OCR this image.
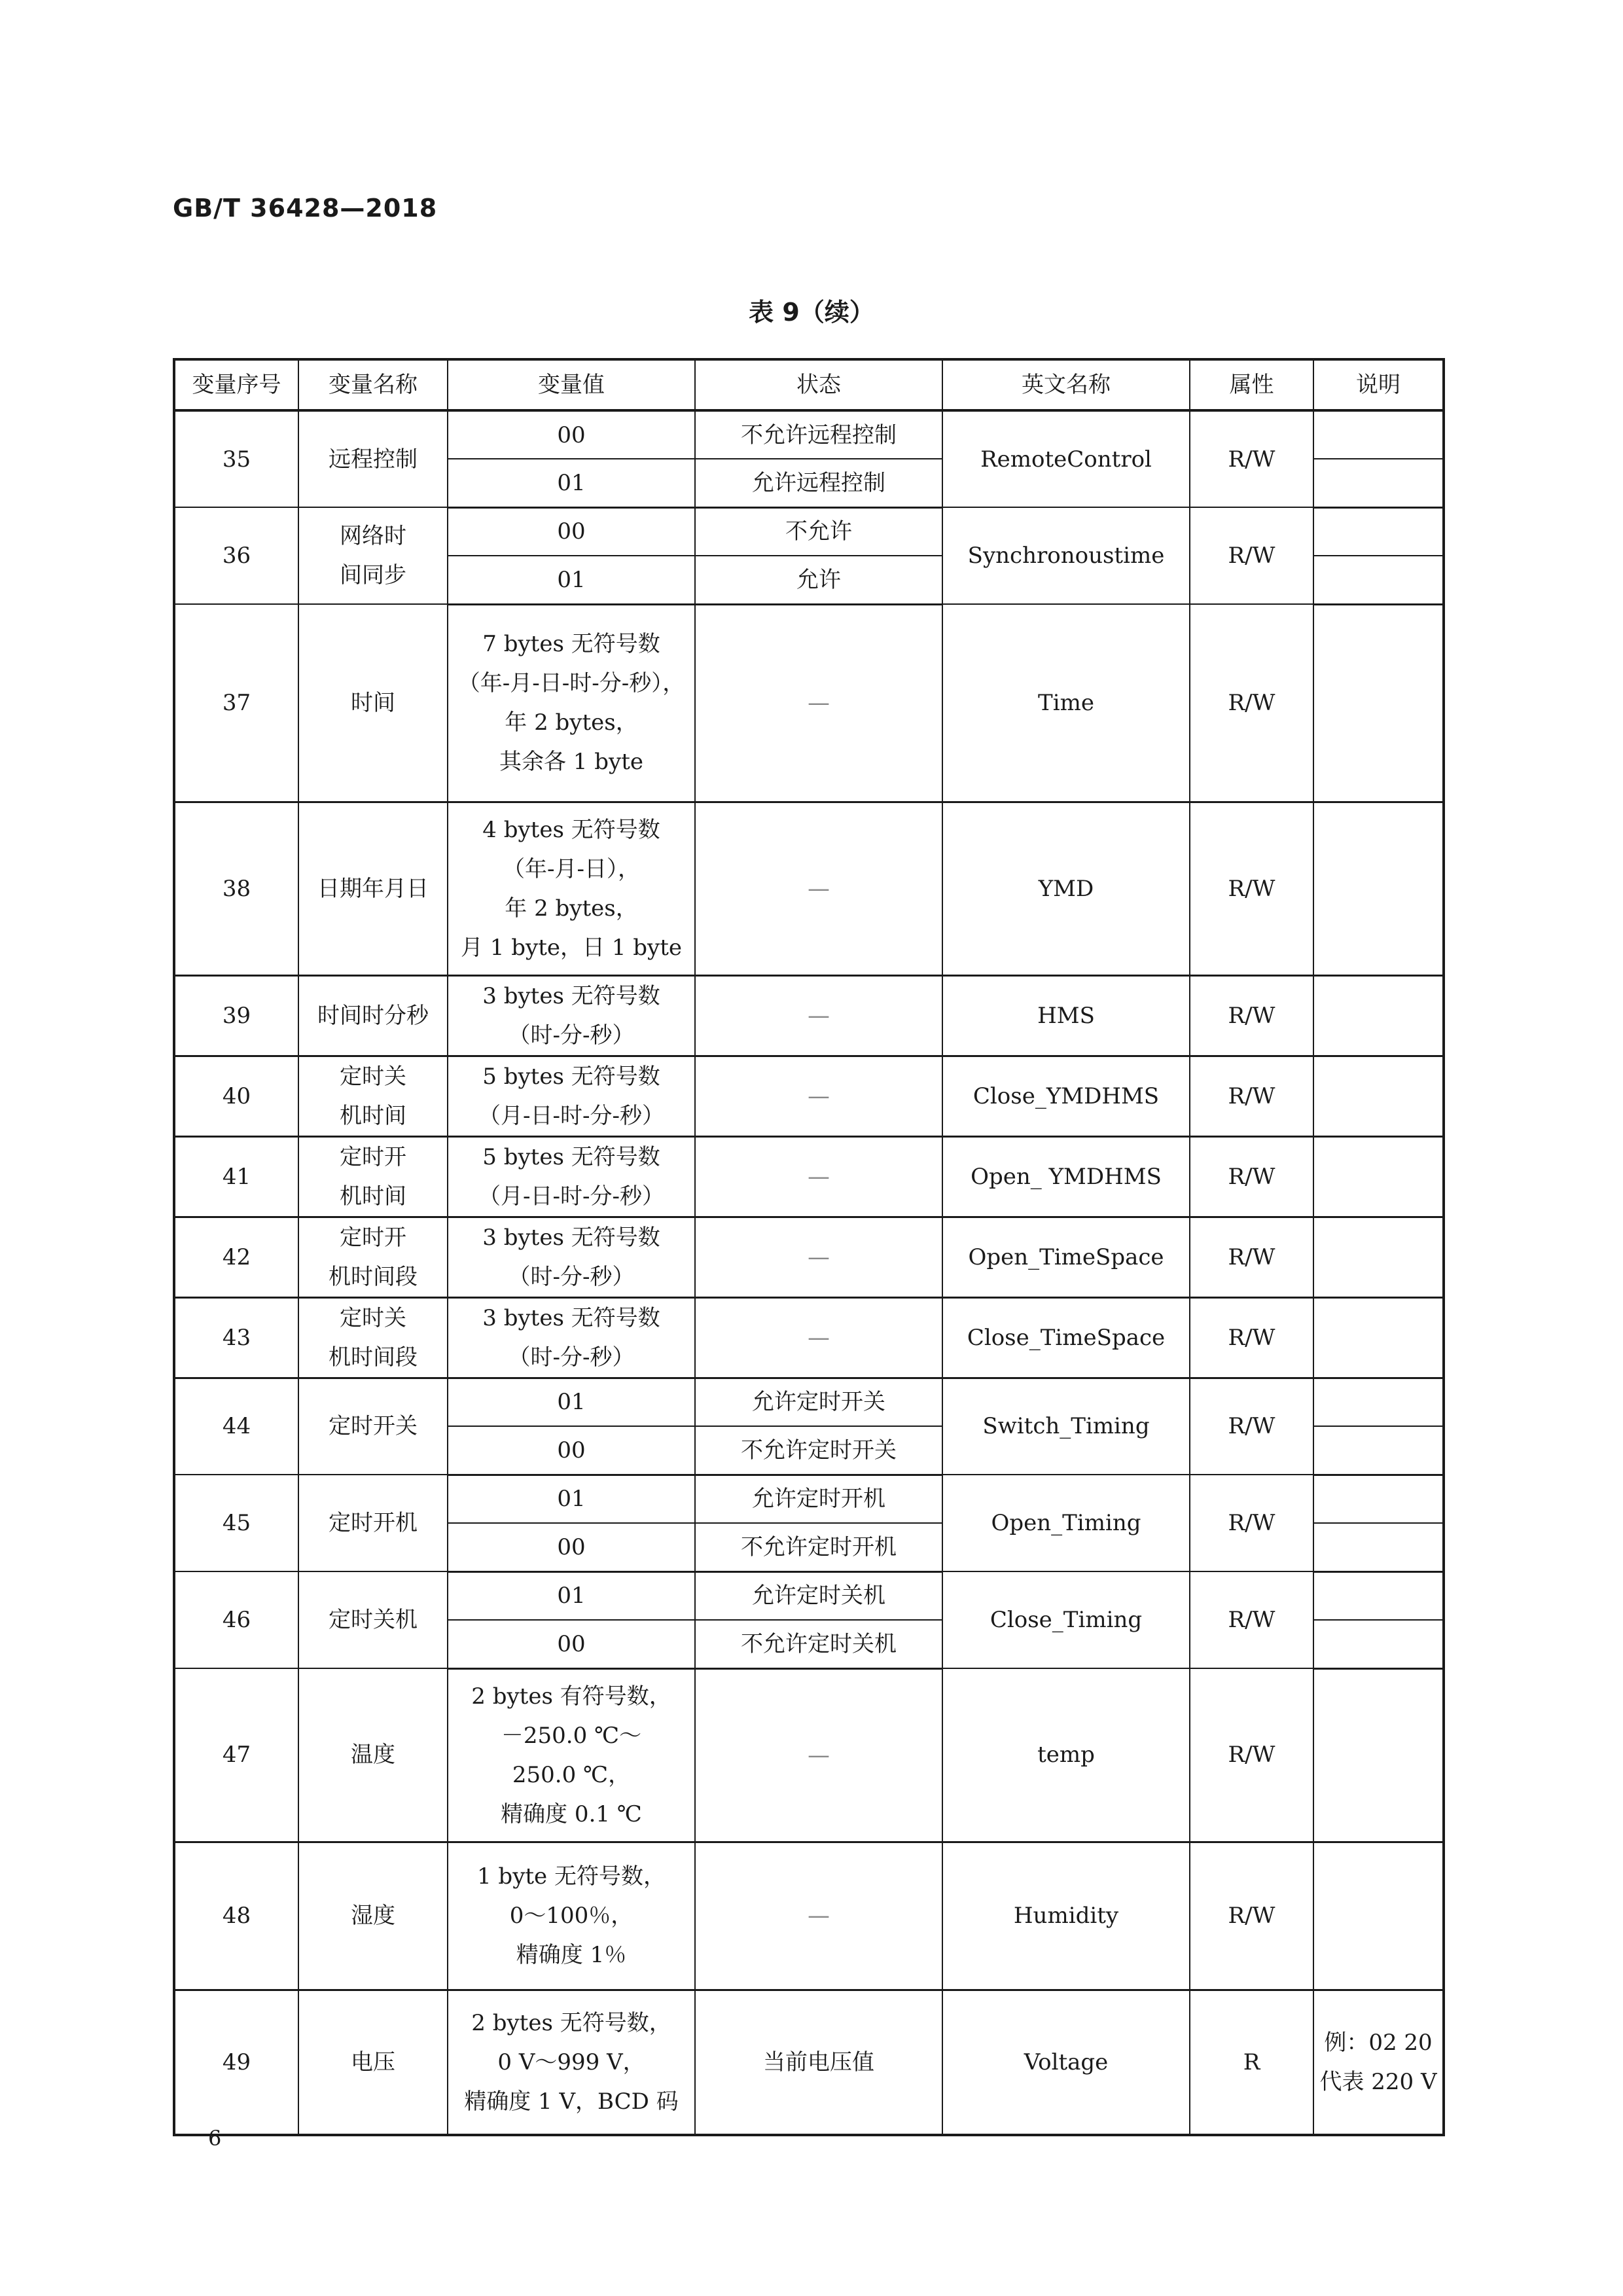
GB/T 36428—2018
表 9（续）
变量序号	变量名称	变量值	状态	英文名称	属性	说明
35	远程控制	00	不允许远程控制	RemoteControl	R/W	
		01	允许远程控制			
36	网络时
间同步	00	不允许	Synchronoustime	R/W	
		01	允许			
37	时间	7 bytes 无符号数
（年-月-日-时-分-秒），
年 2 bytes，
其余各 1 byte	—	Time	R/W	
38	日期年月日	4 bytes 无符号数
（年-月-日），
年 2 bytes，
月 1 byte，日 1 byte	—	YMD	R/W	
39	时间时分秒	3 bytes 无符号数
（时-分-秒）	—	HMS	R/W	
40	定时关
机时间	5 bytes 无符号数
（月-日-时-分-秒）	—	Close_YMDHMS	R/W	
41	定时开
机时间	5 bytes 无符号数
（月-日-时-分-秒）	—	Open_ YMDHMS	R/W	
42	定时开
机时间段	3 bytes 无符号数
（时-分-秒）	—	Open_TimeSpace	R/W	
43	定时关
机时间段	3 bytes 无符号数
（时-分-秒）	—	Close_TimeSpace	R/W	
44	定时开关	01	允许定时开关	Switch_Timing	R/W	
		00	不允许定时开关			
45	定时开机	01	允许定时开机	Open_Timing	R/W	
		00	不允许定时开机			
46	定时关机	01	允许定时关机	Close_Timing	R/W	
		00	不允许定时关机			
47	温度	2 bytes 有符号数，
－250.0 ℃～
250.0 ℃，
精确度 0.1 ℃	—	temp	R/W	
48	湿度	1 byte 无符号数，
0～100％，
精确度 1％	—	Humidity	R/W	
49	电压	2 bytes 无符号数，
0 V～999 V，
精确度 1 V，BCD 码	当前电压值	Voltage	R	例：02 20
代表 220 V
6
